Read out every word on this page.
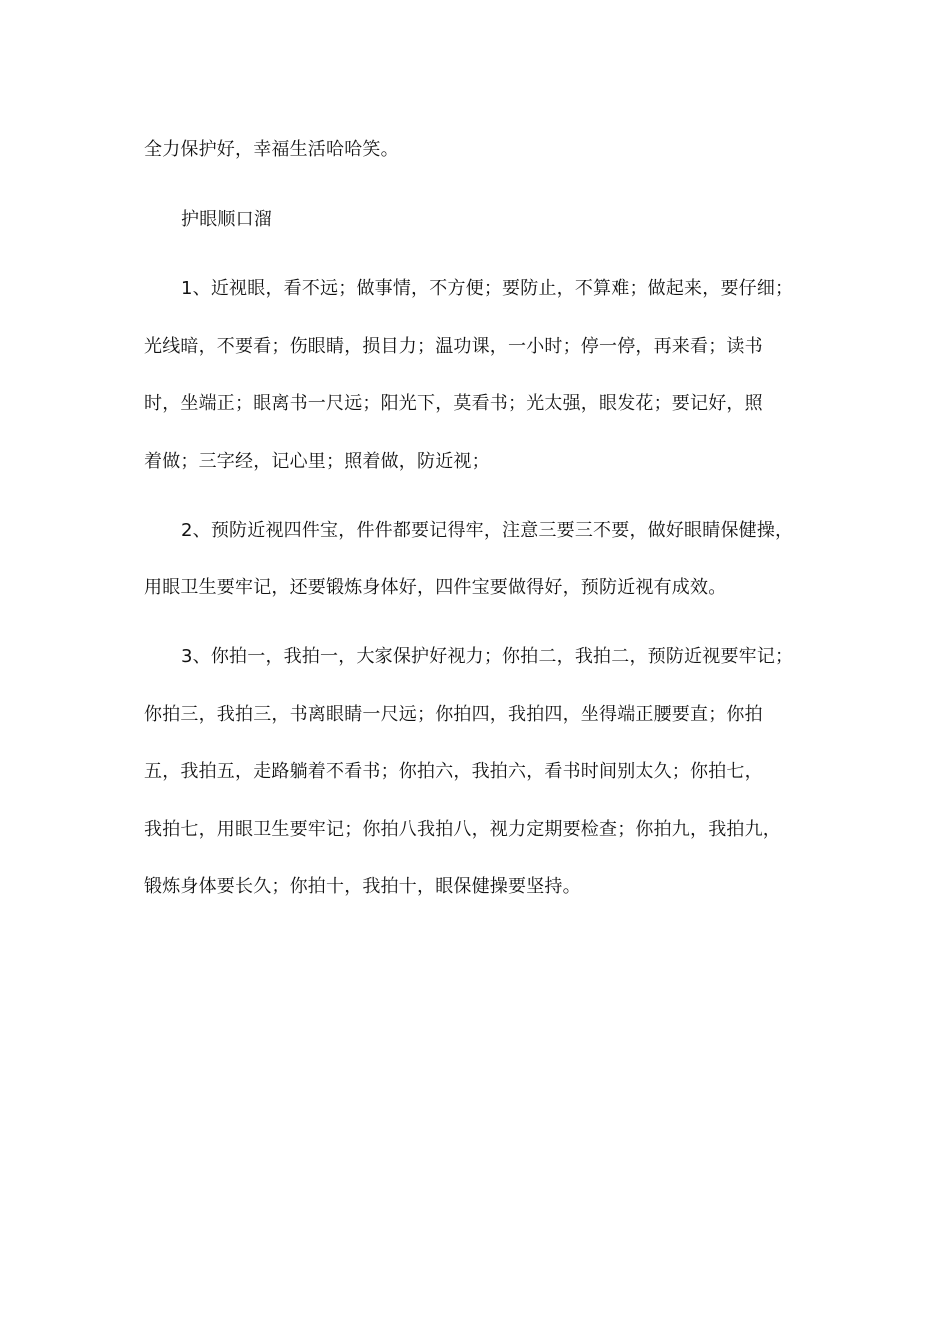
全力保护好，幸福生活哈哈笑。
护眼顺口溜
1、近视眼，看不远；做事情，不方便；要防止，不算难；做起来，要仔细；
光线暗，不要看；伤眼睛，损目力；温功课，一小时；停一停，再来看；读书
时，坐端正；眼离书一尺远；阳光下，莫看书；光太强，眼发花；要记好，照
着做；三字经，记心里；照着做，防近视；
2、预防近视四件宝，件件都要记得牢，注意三要三不要，做好眼睛保健操，
用眼卫生要牢记，还要锻炼身体好，四件宝要做得好，预防近视有成效。
3、你拍一，我拍一，大家保护好视力；你拍二，我拍二，预防近视要牢记；
你拍三，我拍三，书离眼睛一尺远；你拍四，我拍四，坐得端正腰要直；你拍
五，我拍五，走路躺着不看书；你拍六，我拍六，看书时间别太久；你拍七，
我拍七，用眼卫生要牢记；你拍八我拍八，视力定期要检查；你拍九，我拍九，
锻炼身体要长久；你拍十，我拍十，眼保健操要坚持。
